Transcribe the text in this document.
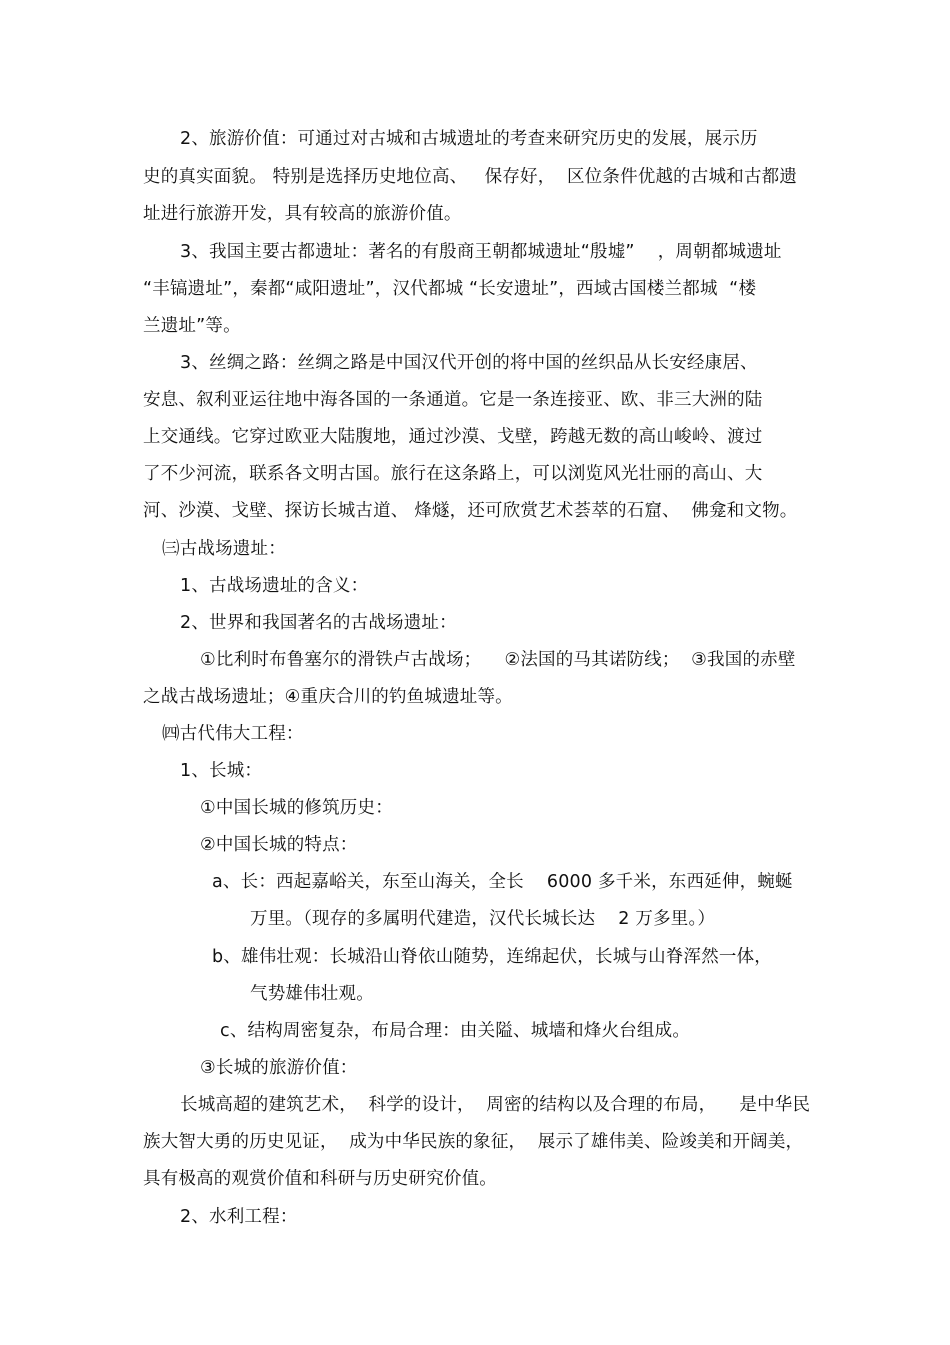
2、旅游价值：可通过对古城和古城遗址的考查来研究历史的发展，展示历
史的真实面貌。 特别是选择历史地位高、   保存好，  区位条件优越的古城和古都遗
址进行旅游开发，具有较高的旅游价值。
3、我国主要古都遗址：著名的有殷商王朝都城遗址“殷墟”    ，周朝都城遗址
“丰镐遗址”，秦都“咸阳遗址”，汉代都城 “长安遗址”，西域古国楼兰都城  “楼
兰遗址”等。
3、丝绸之路：丝绸之路是中国汉代开创的将中国的丝织品从长安经康居、
安息、叙利亚运往地中海各国的一条通道。它是一条连接亚、欧、非三大洲的陆
上交通线。它穿过欧亚大陆腹地，通过沙漠、戈壁，跨越无数的高山峻岭、渡过
了不少河流，联系各文明古国。旅行在这条路上，可以浏览风光壮丽的高山、大
河、沙漠、戈壁、探访长城古道、 烽燧，还可欣赏艺术荟萃的石窟、  佛龛和文物。
㈢古战场遗址：
1、古战场遗址的含义：
2、世界和我国著名的古战场遗址：
①比利时布鲁塞尔的滑铁卢古战场；    ②法国的马其诺防线；  ③我国的赤壁
之战古战场遗址；④重庆合川的钓鱼城遗址等。
㈣古代伟大工程：
1、长城：
①中国长城的修筑历史：
②中国长城的特点：
a、长：西起嘉峪关，东至山海关，全长    6000 多千米，东西延伸，蜿蜒
万里。（现存的多属明代建造，汉代长城长达    2 万多里。）
b、雄伟壮观：长城沿山脊依山随势，连绵起伏，长城与山脊浑然一体，
气势雄伟壮观。
c、结构周密复杂，布局合理：由关隘、城墙和烽火台组成。
③长城的旅游价值：
长城高超的建筑艺术，  科学的设计，  周密的结构以及合理的布局，    是中华民
族大智大勇的历史见证，  成为中华民族的象征，  展示了雄伟美、险竣美和开阔美，
具有极高的观赏价值和科研与历史研究价值。
2、水利工程：
